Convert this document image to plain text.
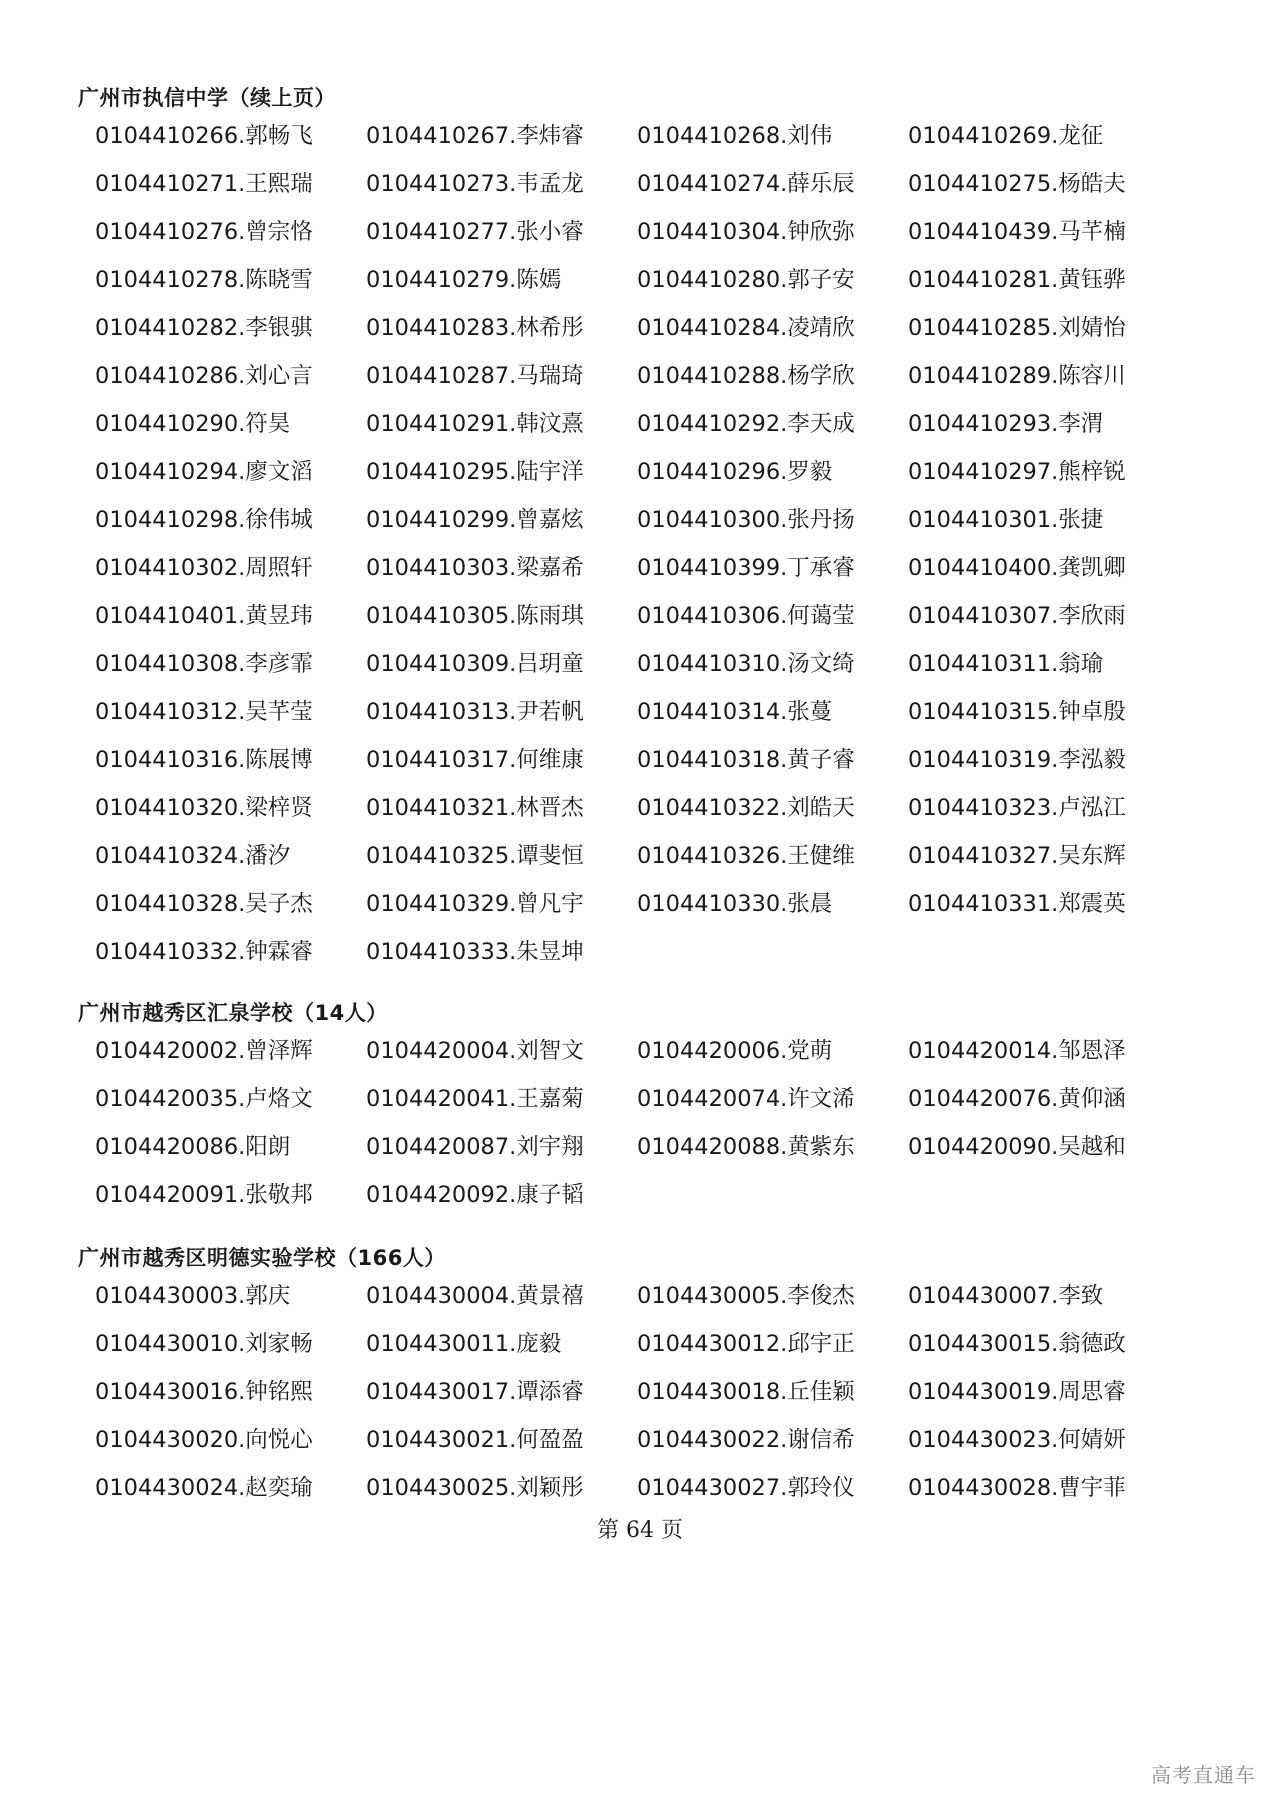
广州市执信中学（续上页）
0104410266.郭畅飞	0104410267.李炜睿	0104410268.刘伟	0104410269.龙征
0104410271.王熙瑞	0104410273.韦孟龙	0104410274.薛乐辰	0104410275.杨皓夫
0104410276.曾宗恪	0104410277.张小睿	0104410304.钟欣弥	0104410439.马芊楠
0104410278.陈晓雪	0104410279.陈嫣	0104410280.郭子安	0104410281.黄钰骅
0104410282.李银骐	0104410283.林希彤	0104410284.凌靖欣	0104410285.刘婧怡
0104410286.刘心言	0104410287.马瑞琦	0104410288.杨学欣	0104410289.陈容川
0104410290.符昊	0104410291.韩汶熹	0104410292.李天成	0104410293.李渭
0104410294.廖文滔	0104410295.陆宇洋	0104410296.罗毅	0104410297.熊梓锐
0104410298.徐伟城	0104410299.曾嘉炫	0104410300.张丹扬	0104410301.张捷
0104410302.周照轩	0104410303.梁嘉希	0104410399.丁承睿	0104410400.龚凯卿
0104410401.黄昱玮	0104410305.陈雨琪	0104410306.何蔼莹	0104410307.李欣雨
0104410308.李彦霏	0104410309.吕玥童	0104410310.汤文绮	0104410311.翁瑜
0104410312.吴芊莹	0104410313.尹若帆	0104410314.张蔓	0104410315.钟卓殷
0104410316.陈展博	0104410317.何维康	0104410318.黄子睿	0104410319.李泓毅
0104410320.梁梓贤	0104410321.林晋杰	0104410322.刘皓天	0104410323.卢泓江
0104410324.潘汐	0104410325.谭斐恒	0104410326.王健维	0104410327.吴东辉
0104410328.吴子杰	0104410329.曾凡宇	0104410330.张晨	0104410331.郑震英
0104410332.钟霖睿	0104410333.朱昱坤
广州市越秀区汇泉学校（14人）
0104420002.曾泽辉	0104420004.刘智文	0104420006.党萌	0104420014.邹恩泽
0104420035.卢烙文	0104420041.王嘉菊	0104420074.许文浠	0104420076.黄仰涵
0104420086.阳朗	0104420087.刘宇翔	0104420088.黄紫东	0104420090.吴越和
0104420091.张敬邦	0104420092.康子韬
广州市越秀区明德实验学校（166人）
0104430003.郭庆	0104430004.黄景禧	0104430005.李俊杰	0104430007.李致
0104430010.刘家畅	0104430011.庞毅	0104430012.邱宇正	0104430015.翁德政
0104430016.钟铭熙	0104430017.谭添睿	0104430018.丘佳颖	0104430019.周思睿
0104430020.向悦心	0104430021.何盈盈	0104430022.谢信希	0104430023.何婧妍
0104430024.赵奕瑜	0104430025.刘颖彤	0104430027.郭玲仪	0104430028.曹宇菲
第 64 页
高考直通车
